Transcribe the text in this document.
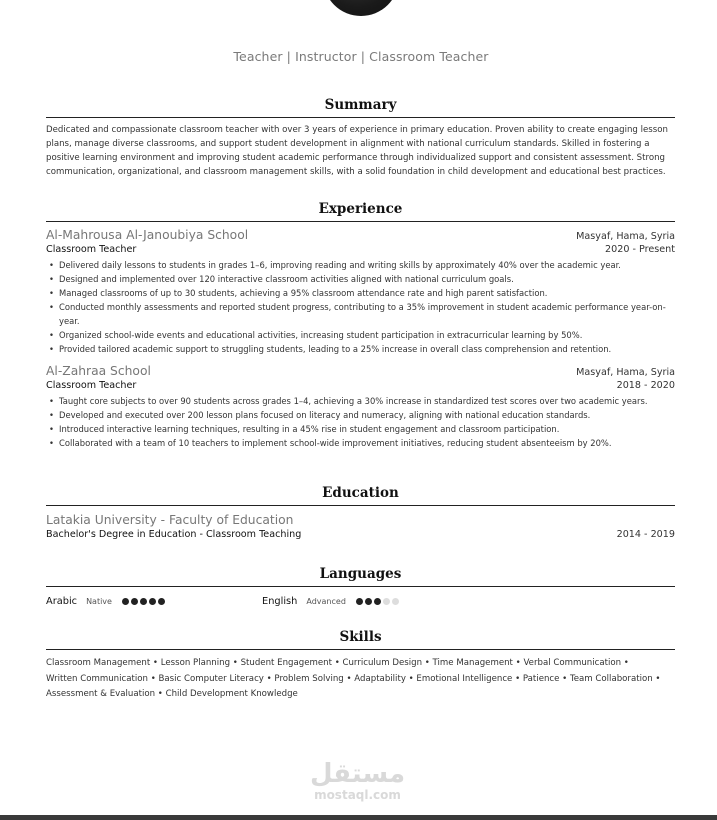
Teacher | Instructor | Classroom Teacher
Summary
Dedicated and compassionate classroom teacher with over 3 years of experience in primary education. Proven ability to create engaging lesson plans, manage diverse classrooms, and support student development in alignment with national curriculum standards. Skilled in fostering a positive learning environment and improving student academic performance through individualized support and consistent assessment. Strong communication, organizational, and classroom management skills, with a solid foundation in child development and educational best practices.
Experience
Al-Mahrousa Al-Janoubiya School	Masyaf, Hama, Syria
Classroom Teacher	2020 - Present
• Delivered daily lessons to students in grades 1–6, improving reading and writing skills by approximately 40% over the academic year.
• Designed and implemented over 120 interactive classroom activities aligned with national curriculum goals.
• Managed classrooms of up to 30 students, achieving a 95% classroom attendance rate and high parent satisfaction.
• Conducted monthly assessments and reported student progress, contributing to a 35% improvement in student academic performance year-on-year.
• Organized school-wide events and educational activities, increasing student participation in extracurricular learning by 50%.
• Provided tailored academic support to struggling students, leading to a 25% increase in overall class comprehension and retention.
Al-Zahraa School	Masyaf, Hama, Syria
Classroom Teacher	2018 - 2020
• Taught core subjects to over 90 students across grades 1–4, achieving a 30% increase in standardized test scores over two academic years.
• Developed and executed over 200 lesson plans focused on literacy and numeracy, aligning with national education standards.
• Introduced interactive learning techniques, resulting in a 45% rise in student engagement and classroom participation.
• Collaborated with a team of 10 teachers to implement school-wide improvement initiatives, reducing student absenteeism by 20%.
Education
Latakia University - Faculty of Education
Bachelor's Degree in Education - Classroom Teaching	2014 - 2019
Languages
Arabic Native	English Advanced
Skills
Classroom Management • Lesson Planning • Student Engagement • Curriculum Design • Time Management • Verbal Communication •
Written Communication • Basic Computer Literacy • Problem Solving • Adaptability • Emotional Intelligence • Patience • Team Collaboration •
Assessment & Evaluation • Child Development Knowledge
مستقل
mostaql.com
